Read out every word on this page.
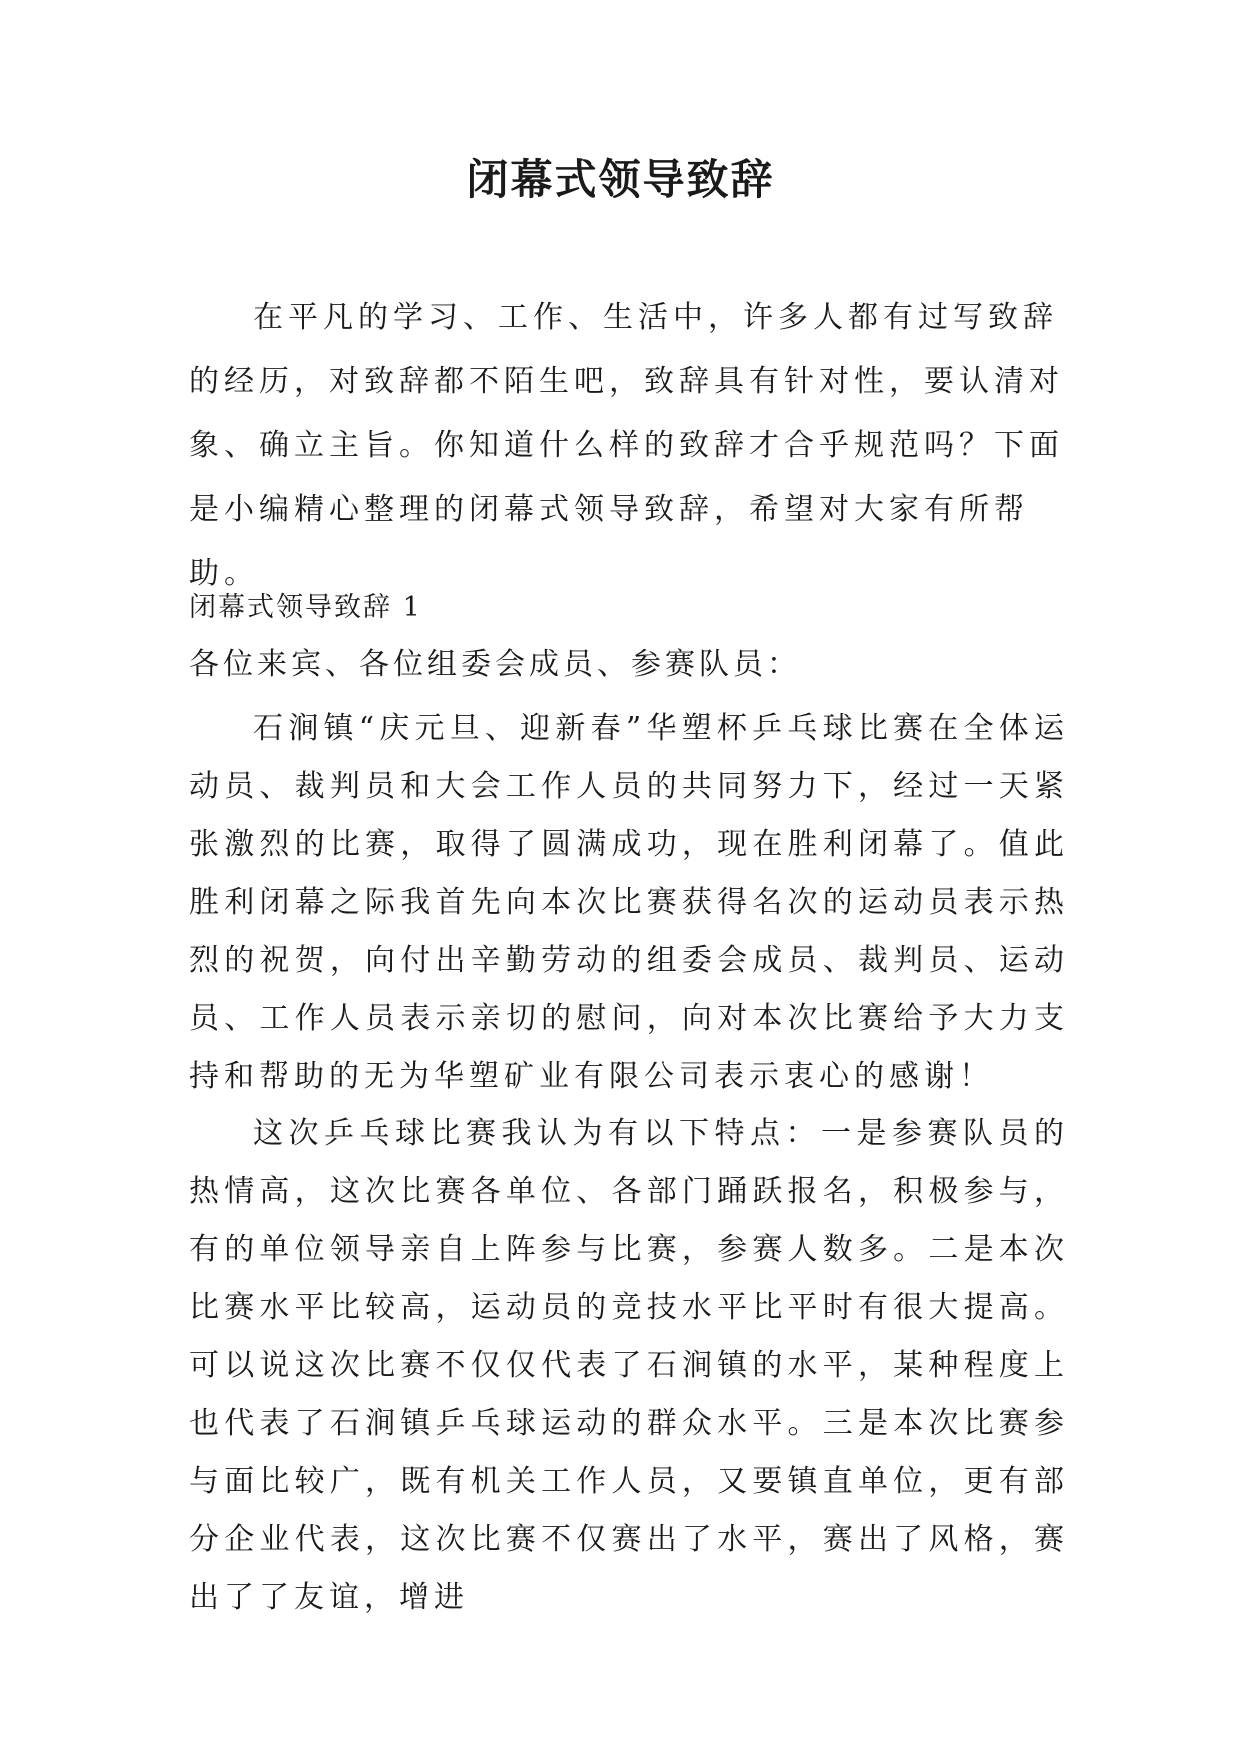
闭幕式领导致辞

在平凡的学习、工作、生活中，许多人都有过写致辞的经历，对致辞都不陌生吧，致辞具有针对性，要认清对象、确立主旨。你知道什么样的致辞才合乎规范吗？下面是小编精心整理的闭幕式领导致辞，希望对大家有所帮助。

闭幕式领导致辞 1

各位来宾、各位组委会成员、参赛队员：

石涧镇“庆元旦、迎新春”华塑杯乒乓球比赛在全体运动员、裁判员和大会工作人员的共同努力下，经过一天紧张激烈的比赛，取得了圆满成功，现在胜利闭幕了。值此胜利闭幕之际我首先向本次比赛获得名次的运动员表示热烈的祝贺，向付出辛勤劳动的组委会成员、裁判员、运动员、工作人员表示亲切的慰问，向对本次比赛给予大力支持和帮助的无为华塑矿业有限公司表示衷心的感谢！

这次乒乓球比赛我认为有以下特点：一是参赛队员的热情高，这次比赛各单位、各部门踊跃报名，积极参与，有的单位领导亲自上阵参与比赛，参赛人数多。二是本次比赛水平比较高，运动员的竞技水平比平时有很大提高。可以说这次比赛不仅仅代表了石涧镇的水平，某种程度上也代表了石涧镇乒乓球运动的群众水平。三是本次比赛参与面比较广，既有机关工作人员，又要镇直单位，更有部分企业代表，这次比赛不仅赛出了水平，赛出了风格，赛出了了友谊，增进
